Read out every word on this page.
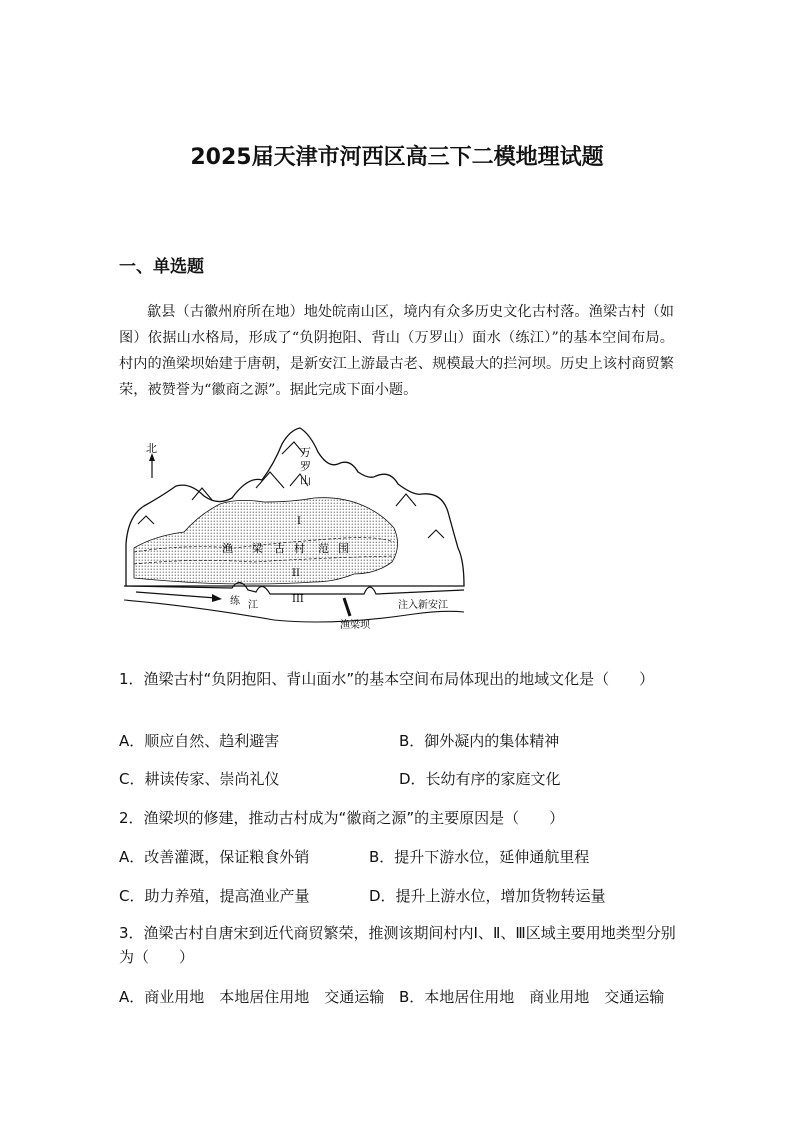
2025届天津市河西区高三下二模地理试题
一、单选题
歙县（古徽州府所在地）地处皖南山区，境内有众多历史文化古村落。渔梁古村（如图）依据山水格局，形成了“负阴抱阳、背山（万罗山）面水（练江）”的基本空间布局。村内的渔梁坝始建于唐朝，是新安江上游最古老、规模最大的拦河坝。历史上该村商贸繁荣，被赞誉为“徽商之源”。据此完成下面小题。
北	万
罗
山
I
II
III
渔 梁 古 村 范 围
练 江
渔梁坝
注入新安江
1．渔梁古村“负阴抱阳、背山面水”的基本空间布局体现出的地域文化是（　　）
A．顺应自然、趋利避害	B．御外凝内的集体精神
C．耕读传家、崇尚礼仪	D．长幼有序的家庭文化
2．渔梁坝的修建，推动古村成为“徽商之源”的主要原因是（　　）
A．改善灌溉，保证粮食外销	B．提升下游水位，延伸通航里程
C．助力养殖，提高渔业产量	D．提升上游水位，增加货物转运量
3．渔梁古村自唐宋到近代商贸繁荣，推测该期间村内Ⅰ、Ⅱ、Ⅲ区域主要用地类型分别为（　　）
A．商业用地　本地居住用地　交通运输 B．本地居住用地　商业用地　交通运输
